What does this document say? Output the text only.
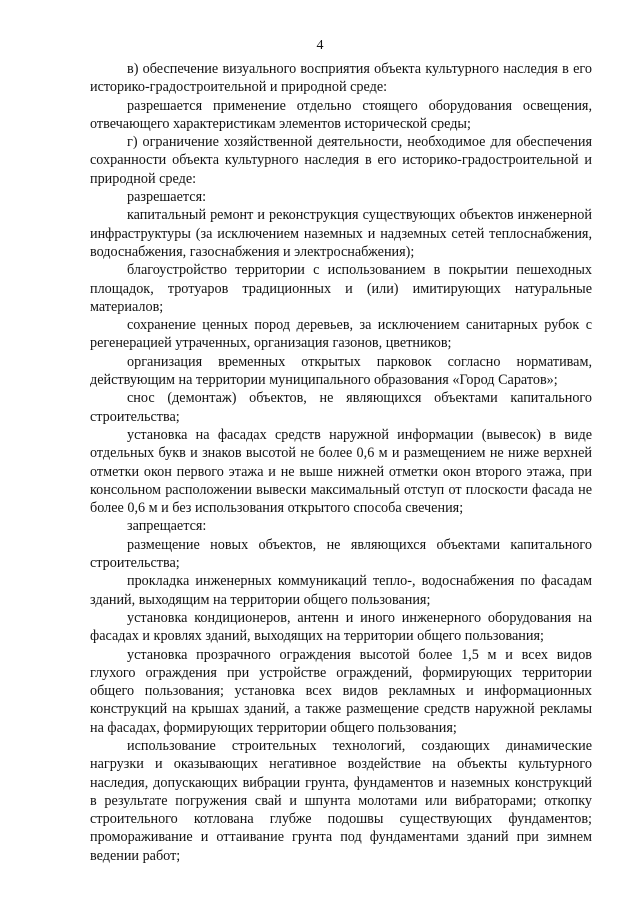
4

в) обеспечение визуального восприятия объекта культурного наследия в его историко-градостроительной и природной среде:

разрешается применение отдельно стоящего оборудования освещения, отвечающего характеристикам элементов исторической среды;

г) ограничение хозяйственной деятельности, необходимое для обеспечения сохранности объекта культурного наследия в его историко-градостроительной и природной среде:

разрешается:

капитальный ремонт и реконструкция существующих объектов инженерной инфраструктуры (за исключением наземных и надземных сетей теплоснабжения, водоснабжения, газоснабжения и электроснабжения);

благоустройство территории с использованием в покрытии пешеходных площадок, тротуаров традиционных и (или) имитирующих натуральные материалов;

сохранение ценных пород деревьев, за исключением санитарных рубок с регенерацией утраченных, организация газонов, цветников;

организация временных открытых парковок согласно нормативам, действующим на территории муниципального образования «Город Саратов»;

снос (демонтаж) объектов, не являющихся объектами капитального строительства;

установка на фасадах средств наружной информации (вывесок) в виде отдельных букв и знаков высотой не более 0,6 м и размещением не ниже верхней отметки окон первого этажа и не выше нижней отметки окон второго этажа, при консольном расположении вывески максимальный отступ от плоскости фасада не более 0,6 м и без использования открытого способа свечения;

запрещается:

размещение новых объектов, не являющихся объектами капитального строительства;

прокладка инженерных коммуникаций тепло-, водоснабжения по фасадам зданий, выходящим на территории общего пользования;

установка кондиционеров, антенн и иного инженерного оборудования на фасадах и кровлях зданий, выходящих на территории общего пользования;

установка прозрачного ограждения высотой более 1,5 м и всех видов глухого ограждения при устройстве ограждений, формирующих территории общего пользования; установка всех видов рекламных и информационных конструкций на крышах зданий, а также размещение средств наружной рекламы на фасадах, формирующих территории общего пользования;

использование строительных технологий, создающих динамические нагрузки и оказывающих негативное воздействие на объекты культурного наследия, допускающих вибрации грунта, фундаментов и наземных конструкций в результате погружения свай и шпунта молотами или вибраторами; откопку строительного котлована глубже подошвы существующих фундаментов; промораживание и оттаивание грунта под фундаментами зданий при зимнем ведении работ;
